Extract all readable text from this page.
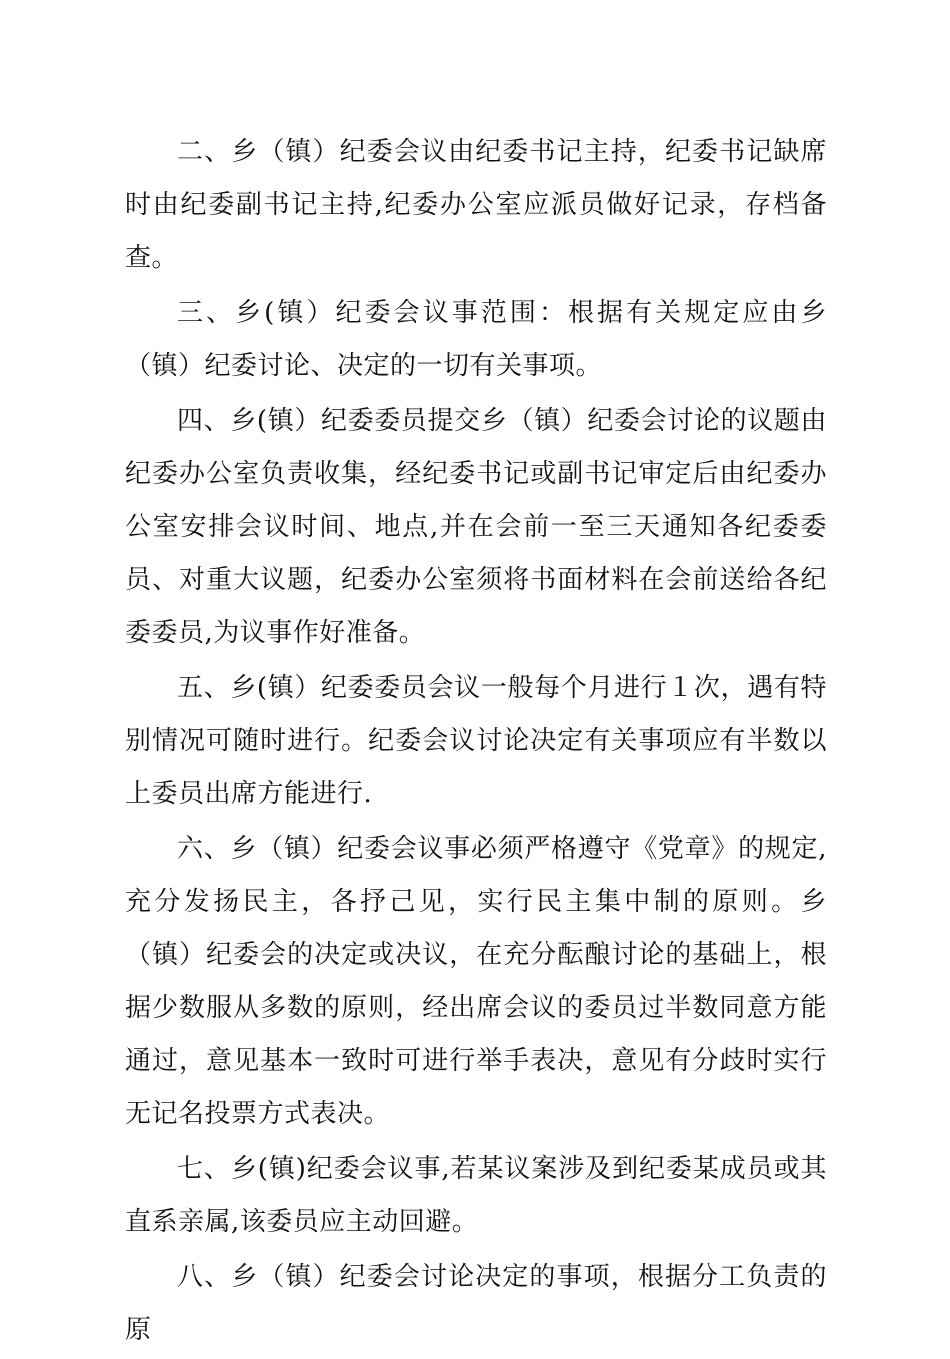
二、乡（镇）纪委会议由纪委书记主持，纪委书记缺席时由纪委副书记主持,纪委办公室应派员做好记录，存档备查。

三、乡(镇）纪委会议事范围：根据有关规定应由乡（镇）纪委讨论、决定的一切有关事项。

四、乡(镇）纪委委员提交乡（镇）纪委会讨论的议题由纪委办公室负责收集，经纪委书记或副书记审定后由纪委办公室安排会议时间、地点,并在会前一至三天通知各纪委委员、对重大议题，纪委办公室须将书面材料在会前送给各纪委委员,为议事作好准备。

五、乡(镇）纪委委员会议一般每个月进行１次，遇有特别情况可随时进行。纪委会议讨论决定有关事项应有半数以上委员出席方能进行.

六、乡（镇）纪委会议事必须严格遵守《党章》的规定,充分发扬民主，各抒己见，实行民主集中制的原则。乡（镇）纪委会的决定或决议，在充分酝酿讨论的基础上，根据少数服从多数的原则，经出席会议的委员过半数同意方能通过，意见基本一致时可进行举手表决，意见有分歧时实行无记名投票方式表决。

七、乡(镇)纪委会议事,若某议案涉及到纪委某成员或其直系亲属,该委员应主动回避。

八、乡（镇）纪委会讨论决定的事项，根据分工负责的原
